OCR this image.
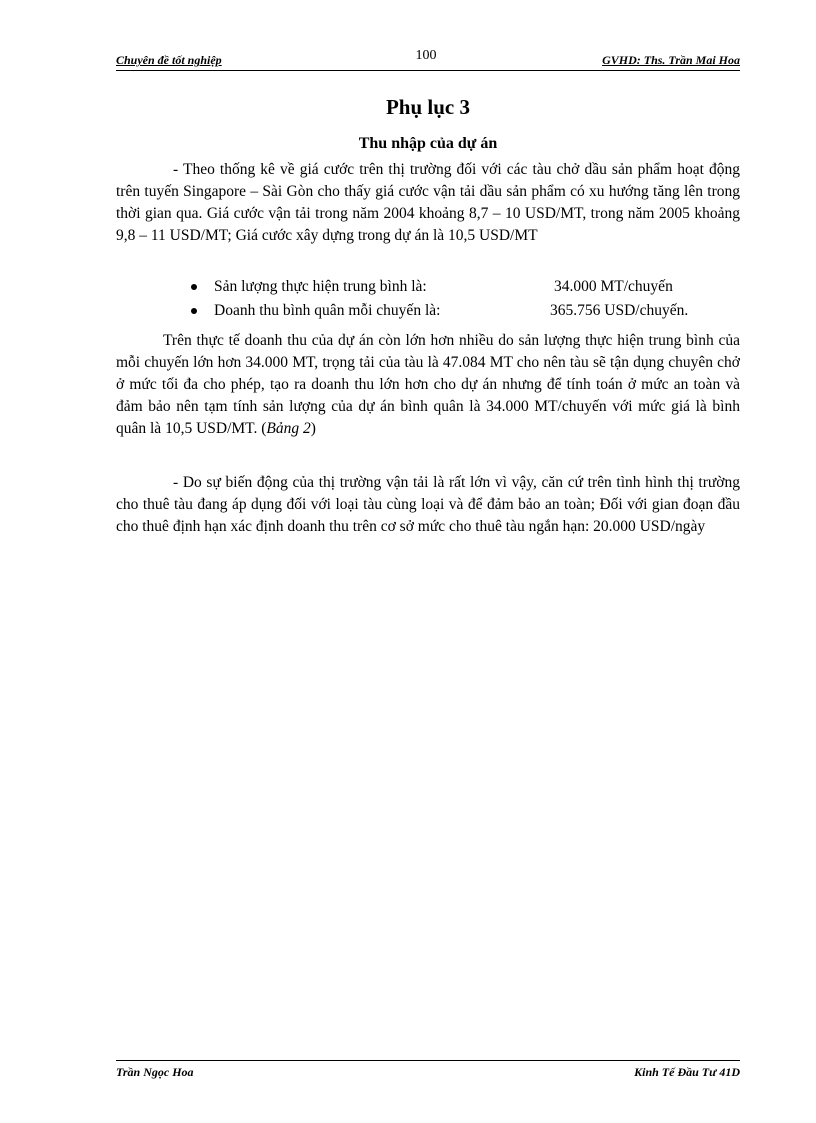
Chuyên đề tốt nghiệp	100	GVHD: Ths. Trần Mai Hoa
Phụ lục 3
Thu nhập của dự án
- Theo thống kê về giá cước trên thị trường đối với các tàu chở dầu sản phẩm hoạt động trên tuyến Singapore – Sài Gòn cho thấy giá cước vận tải dầu sản phẩm có xu hướng tăng lên trong thời gian qua. Giá cước vận tải trong năm 2004 khoảng 8,7 – 10 USD/MT, trong năm 2005 khoảng 9,8 – 11 USD/MT; Giá cước xây dựng trong dự án là 10,5 USD/MT
Sản lượng thực hiện trung bình là:	34.000 MT/chuyến
Doanh thu bình quân mỗi chuyến là:	365.756 USD/chuyến.
Trên thực tế doanh thu của dự án còn lớn hơn nhiều do sản lượng thực hiện trung bình của mỗi chuyến lớn hơn 34.000 MT, trọng tải của tàu là 47.084 MT cho nên tàu sẽ tận dụng chuyên chở ở mức tối đa cho phép, tạo ra doanh thu lớn hơn cho dự án nhưng để tính toán ở mức an toàn và đảm bảo nên tạm tính sản lượng của dự án bình quân là 34.000 MT/chuyến với mức giá là bình quân là 10,5 USD/MT. (Bảng 2)
- Do sự biến động của thị trường vận tải là rất lớn vì vậy, căn cứ trên tình hình thị trường cho thuê tàu đang áp dụng đối với loại tàu cùng loại và để đảm bảo an toàn; Đối với gian đoạn đầu cho thuê định hạn xác định doanh thu trên cơ sở mức cho thuê tàu ngắn hạn: 20.000 USD/ngày
Trần Ngọc Hoa	Kinh Tế Đầu Tư 41D
